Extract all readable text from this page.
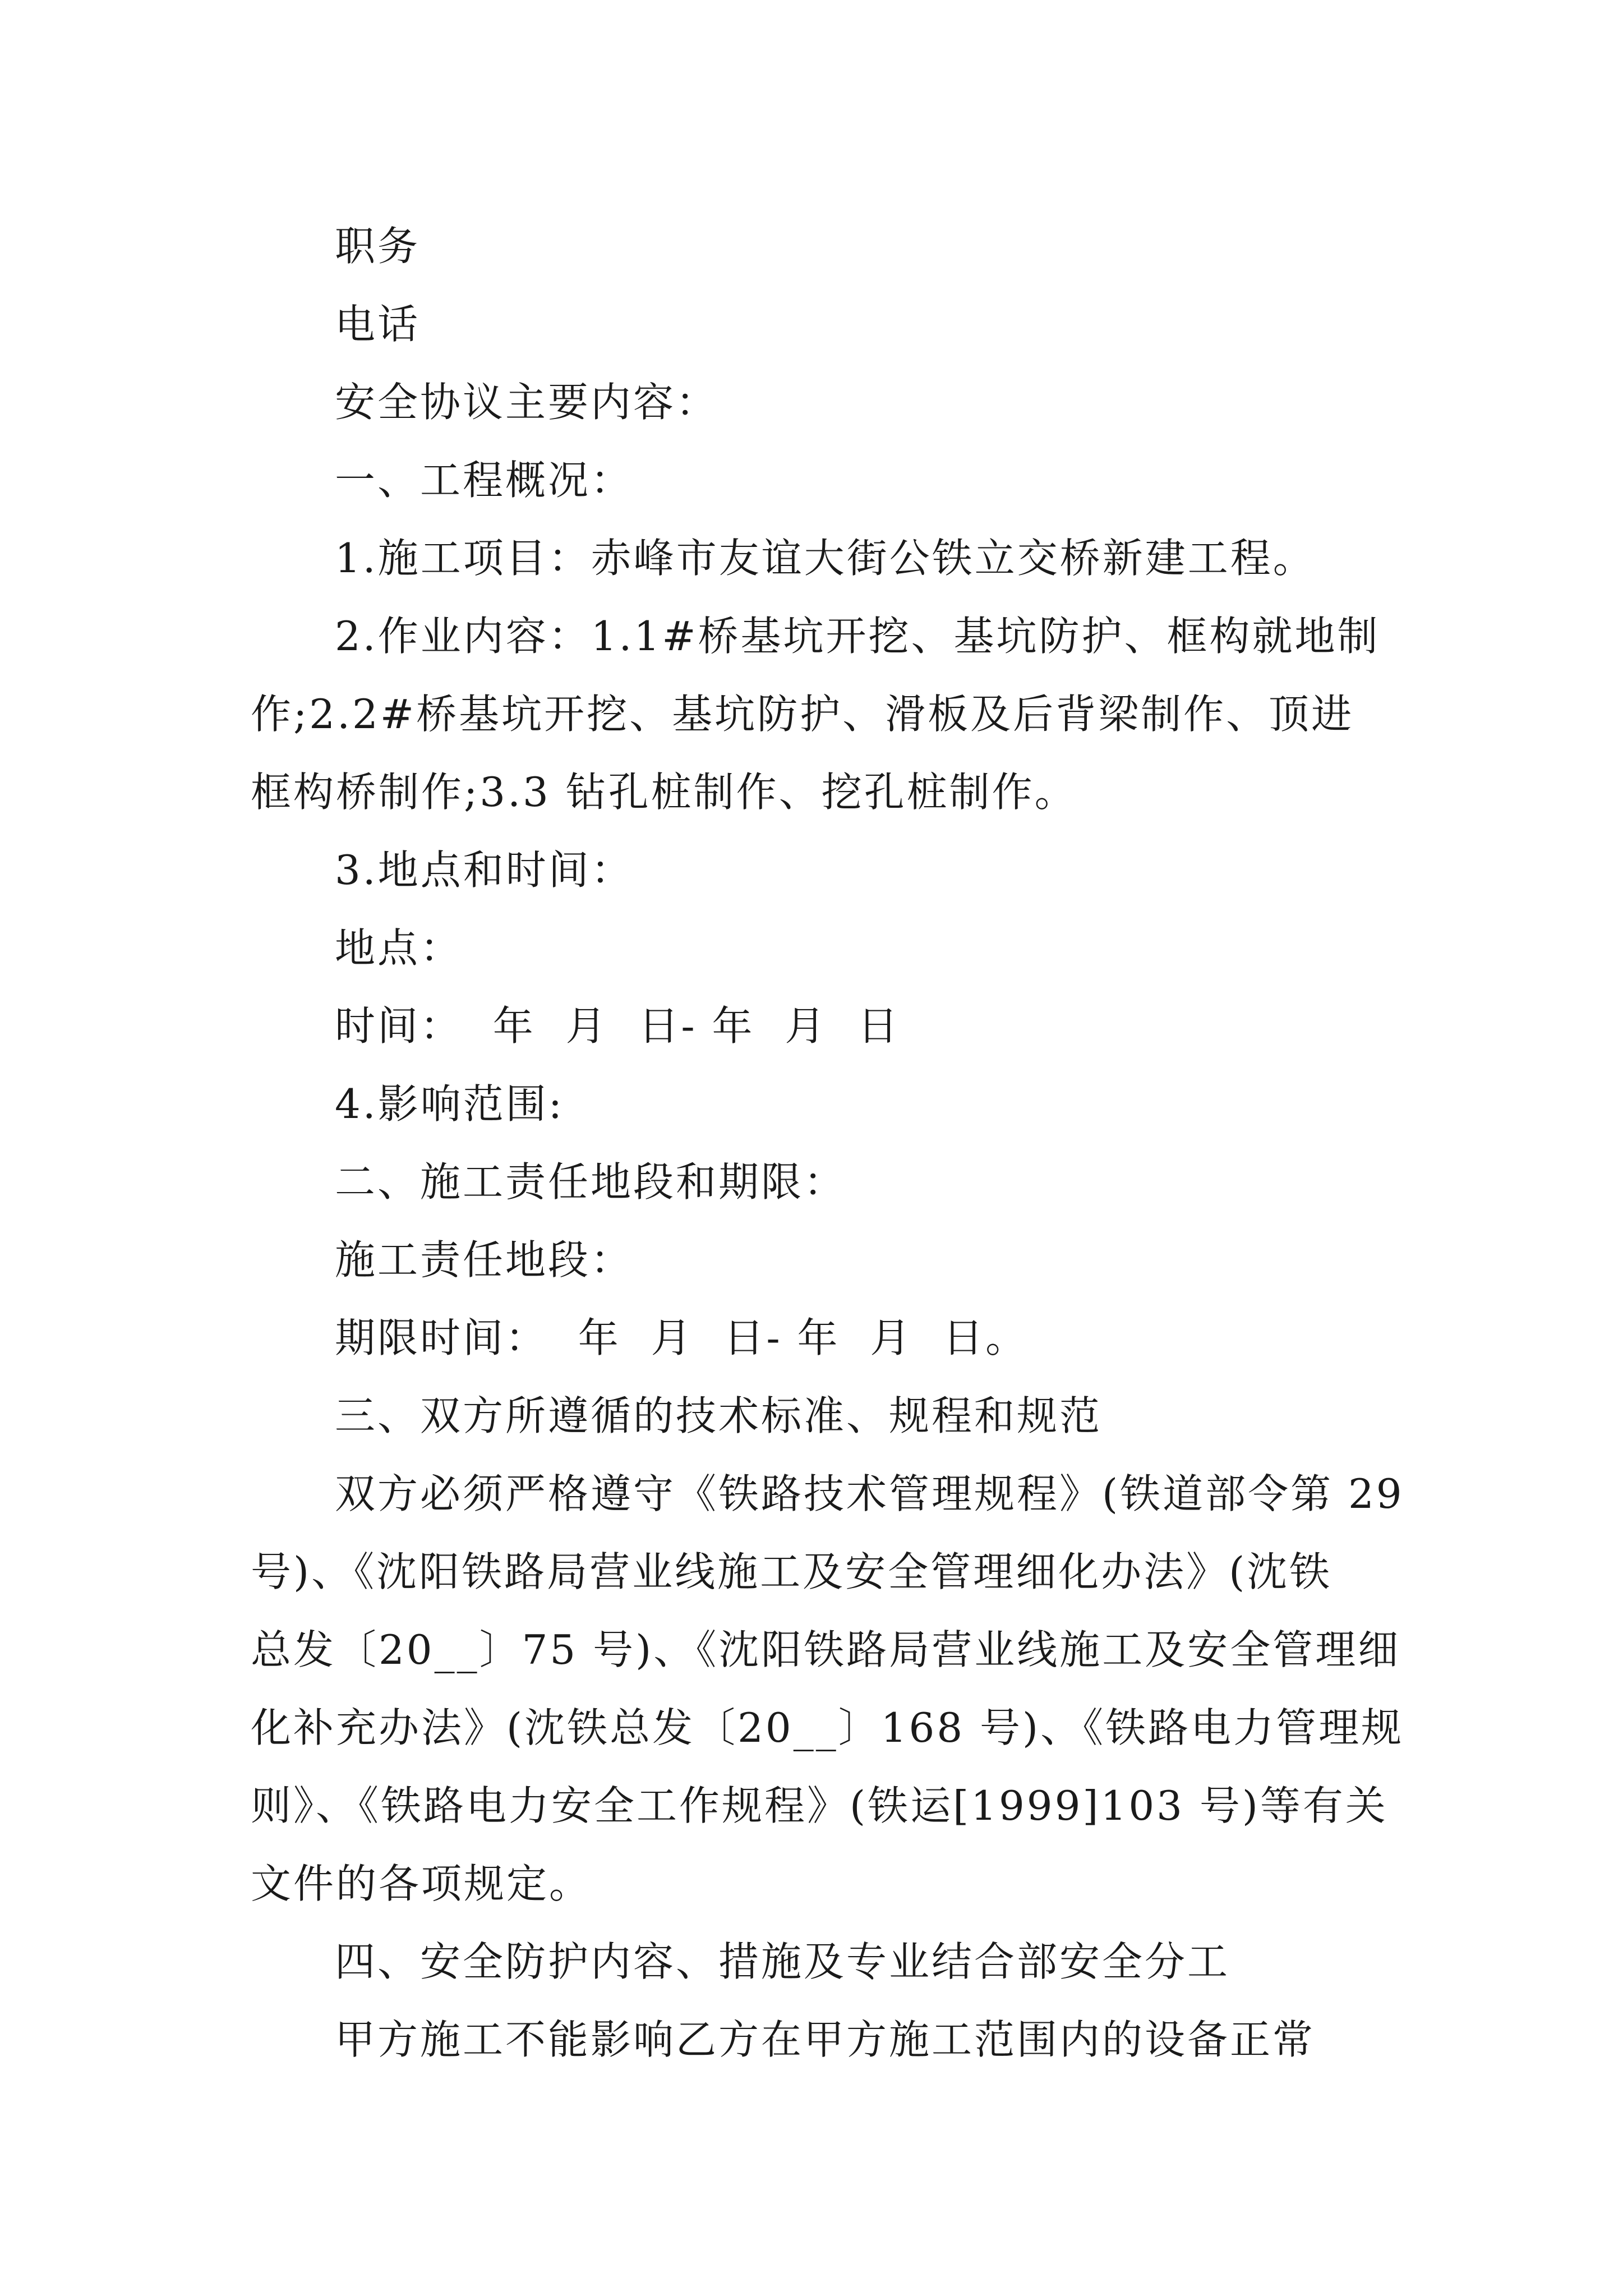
职务
电话
安全协议主要内容：
一、工程概况：
1.施工项目：赤峰市友谊大街公铁立交桥新建工程。
2.作业内容：1.1#桥基坑开挖、基坑防护、框构就地制
作;2.2#桥基坑开挖、基坑防护、滑板及后背梁制作、顶进
框构桥制作;3.3 钻孔桩制作、挖孔桩制作。
3.地点和时间：
地点：
时间：  年  月  日- 年  月  日
4.影响范围:
二、施工责任地段和期限：
施工责任地段：
期限时间：  年  月  日- 年  月  日。
三、双方所遵循的技术标准、规程和规范
双方必须严格遵守《铁路技术管理规程》(铁道部令第 29
号)、《沈阳铁路局营业线施工及安全管理细化办法》(沈铁
总发〔20__〕75 号)、《沈阳铁路局营业线施工及安全管理细
化补充办法》(沈铁总发〔20__〕168 号)、《铁路电力管理规
则》、《铁路电力安全工作规程》(铁运[1999]103 号)等有关
文件的各项规定。
四、安全防护内容、措施及专业结合部安全分工
甲方施工不能影响乙方在甲方施工范围内的设备正常
